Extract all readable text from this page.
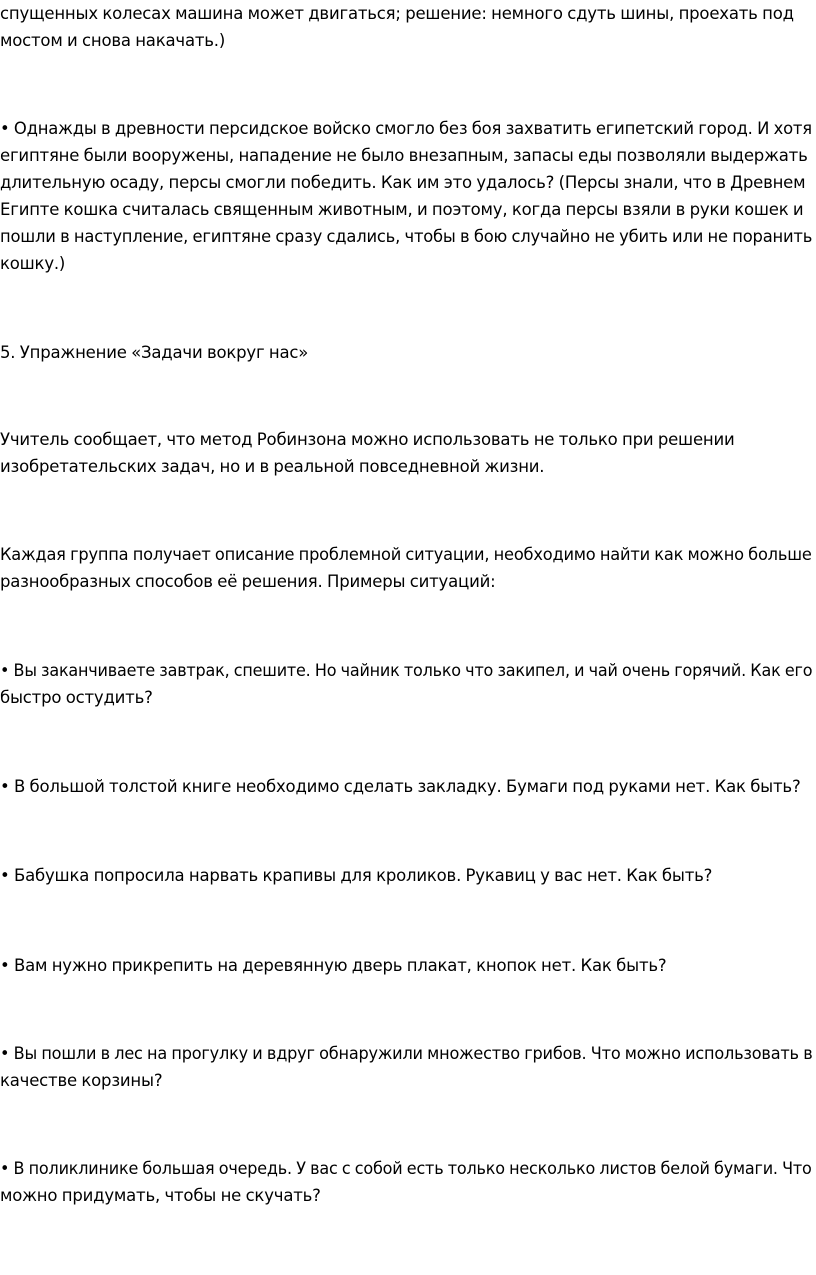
спущенных колесах машина может двигаться; решение: немного сдуть шины, проехать под
мостом и снова накачать.)

• Однажды в древности персидское войско смогло без боя захватить египетский город. И хотя
египтяне были вооружены, нападение не было внезапным, запасы еды позволяли выдержать
длительную осаду, персы смогли победить. Как им это удалось? (Персы знали, что в Древнем
Египте кошка считалась священным животным, и поэтому, когда персы взяли в руки кошек и
пошли в наступление, египтяне сразу сдались, чтобы в бою случайно не убить или не поранить
кошку.)

5. Упражнение «Задачи вокруг нас»

Учитель сообщает, что метод Робинзона можно использовать не только при решении
изобретательских задач, но и в реальной повседневной жизни.

Каждая группа получает описание проблемной ситуации, необходимо найти как можно больше
разнообразных способов её решения. Примеры ситуаций:

• Вы заканчиваете завтрак, спешите. Но чайник только что закипел, и чай очень горячий. Как его
быстро остудить?

• В большой толстой книге необходимо сделать закладку. Бумаги под руками нет. Как быть?

• Бабушка попросила нарвать крапивы для кроликов. Рукавиц у вас нет. Как быть?

• Вам нужно прикрепить на деревянную дверь плакат, кнопок нет. Как быть?

• Вы пошли в лес на прогулку и вдруг обнаружили множество грибов. Что можно использовать в
качестве корзины?

• В поликлинике большая очередь. У вас с собой есть только несколько листов белой бумаги. Что
можно придумать, чтобы не скучать?
